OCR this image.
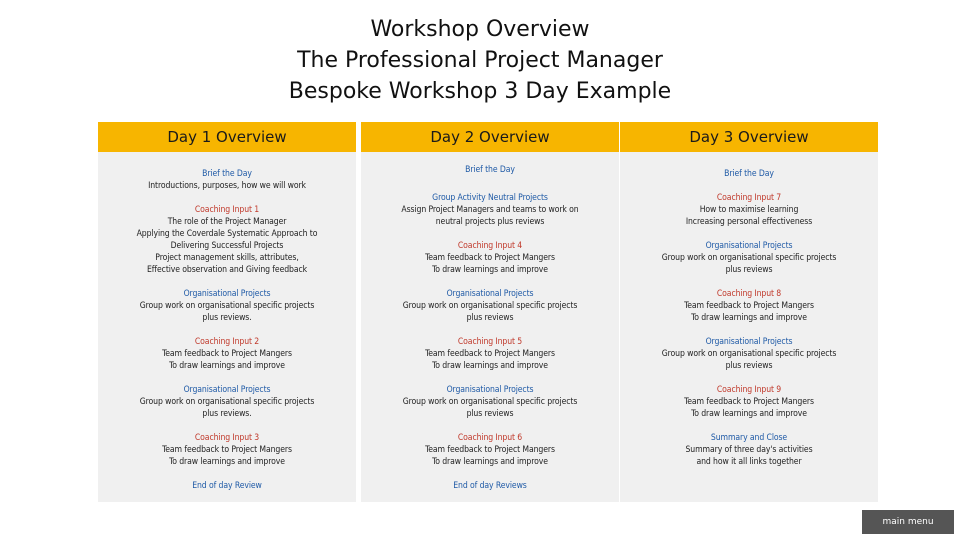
Workshop Overview
The Professional Project Manager
Bespoke Workshop 3 Day Example
Day 1 Overview
Brief the Day
Introductions, purposes, how we will work
Coaching Input 1
The role of the Project Manager
Applying the Coverdale Systematic Approach to
Delivering Successful Projects
Project management skills, attributes,
Effective observation and Giving feedback
Organisational Projects
Group work on organisational specific projects
plus reviews.
Coaching Input 2
Team feedback to Project Mangers
To draw learnings and improve
Organisational Projects
Group work on organisational specific projects
plus reviews.
Coaching Input 3
Team feedback to Project Mangers
To draw learnings and improve
End of day Review
Day 2 Overview
Brief the Day
Group Activity Neutral Projects
Assign Project Managers and teams to work on
neutral projects plus reviews
Coaching Input 4
Team feedback to Project Mangers
To draw learnings and improve
Organisational Projects
Group work on organisational specific projects
plus reviews
Coaching Input 5
Team feedback to Project Mangers
To draw learnings and improve
Organisational Projects
Group work on organisational specific projects
plus reviews
Coaching Input 6
Team feedback to Project Mangers
To draw learnings and improve
End of day Reviews
Day 3 Overview
Brief the Day
Coaching Input 7
How to maximise learning
Increasing personal effectiveness
Organisational Projects
Group work on organisational specific projects
plus reviews
Coaching Input 8
Team feedback to Project Mangers
To draw learnings and improve
Organisational Projects
Group work on organisational specific projects
plus reviews
Coaching Input 9
Team feedback to Project Mangers
To draw learnings and improve
Summary and Close
Summary of three day's activities
and how it all links together
main menu
